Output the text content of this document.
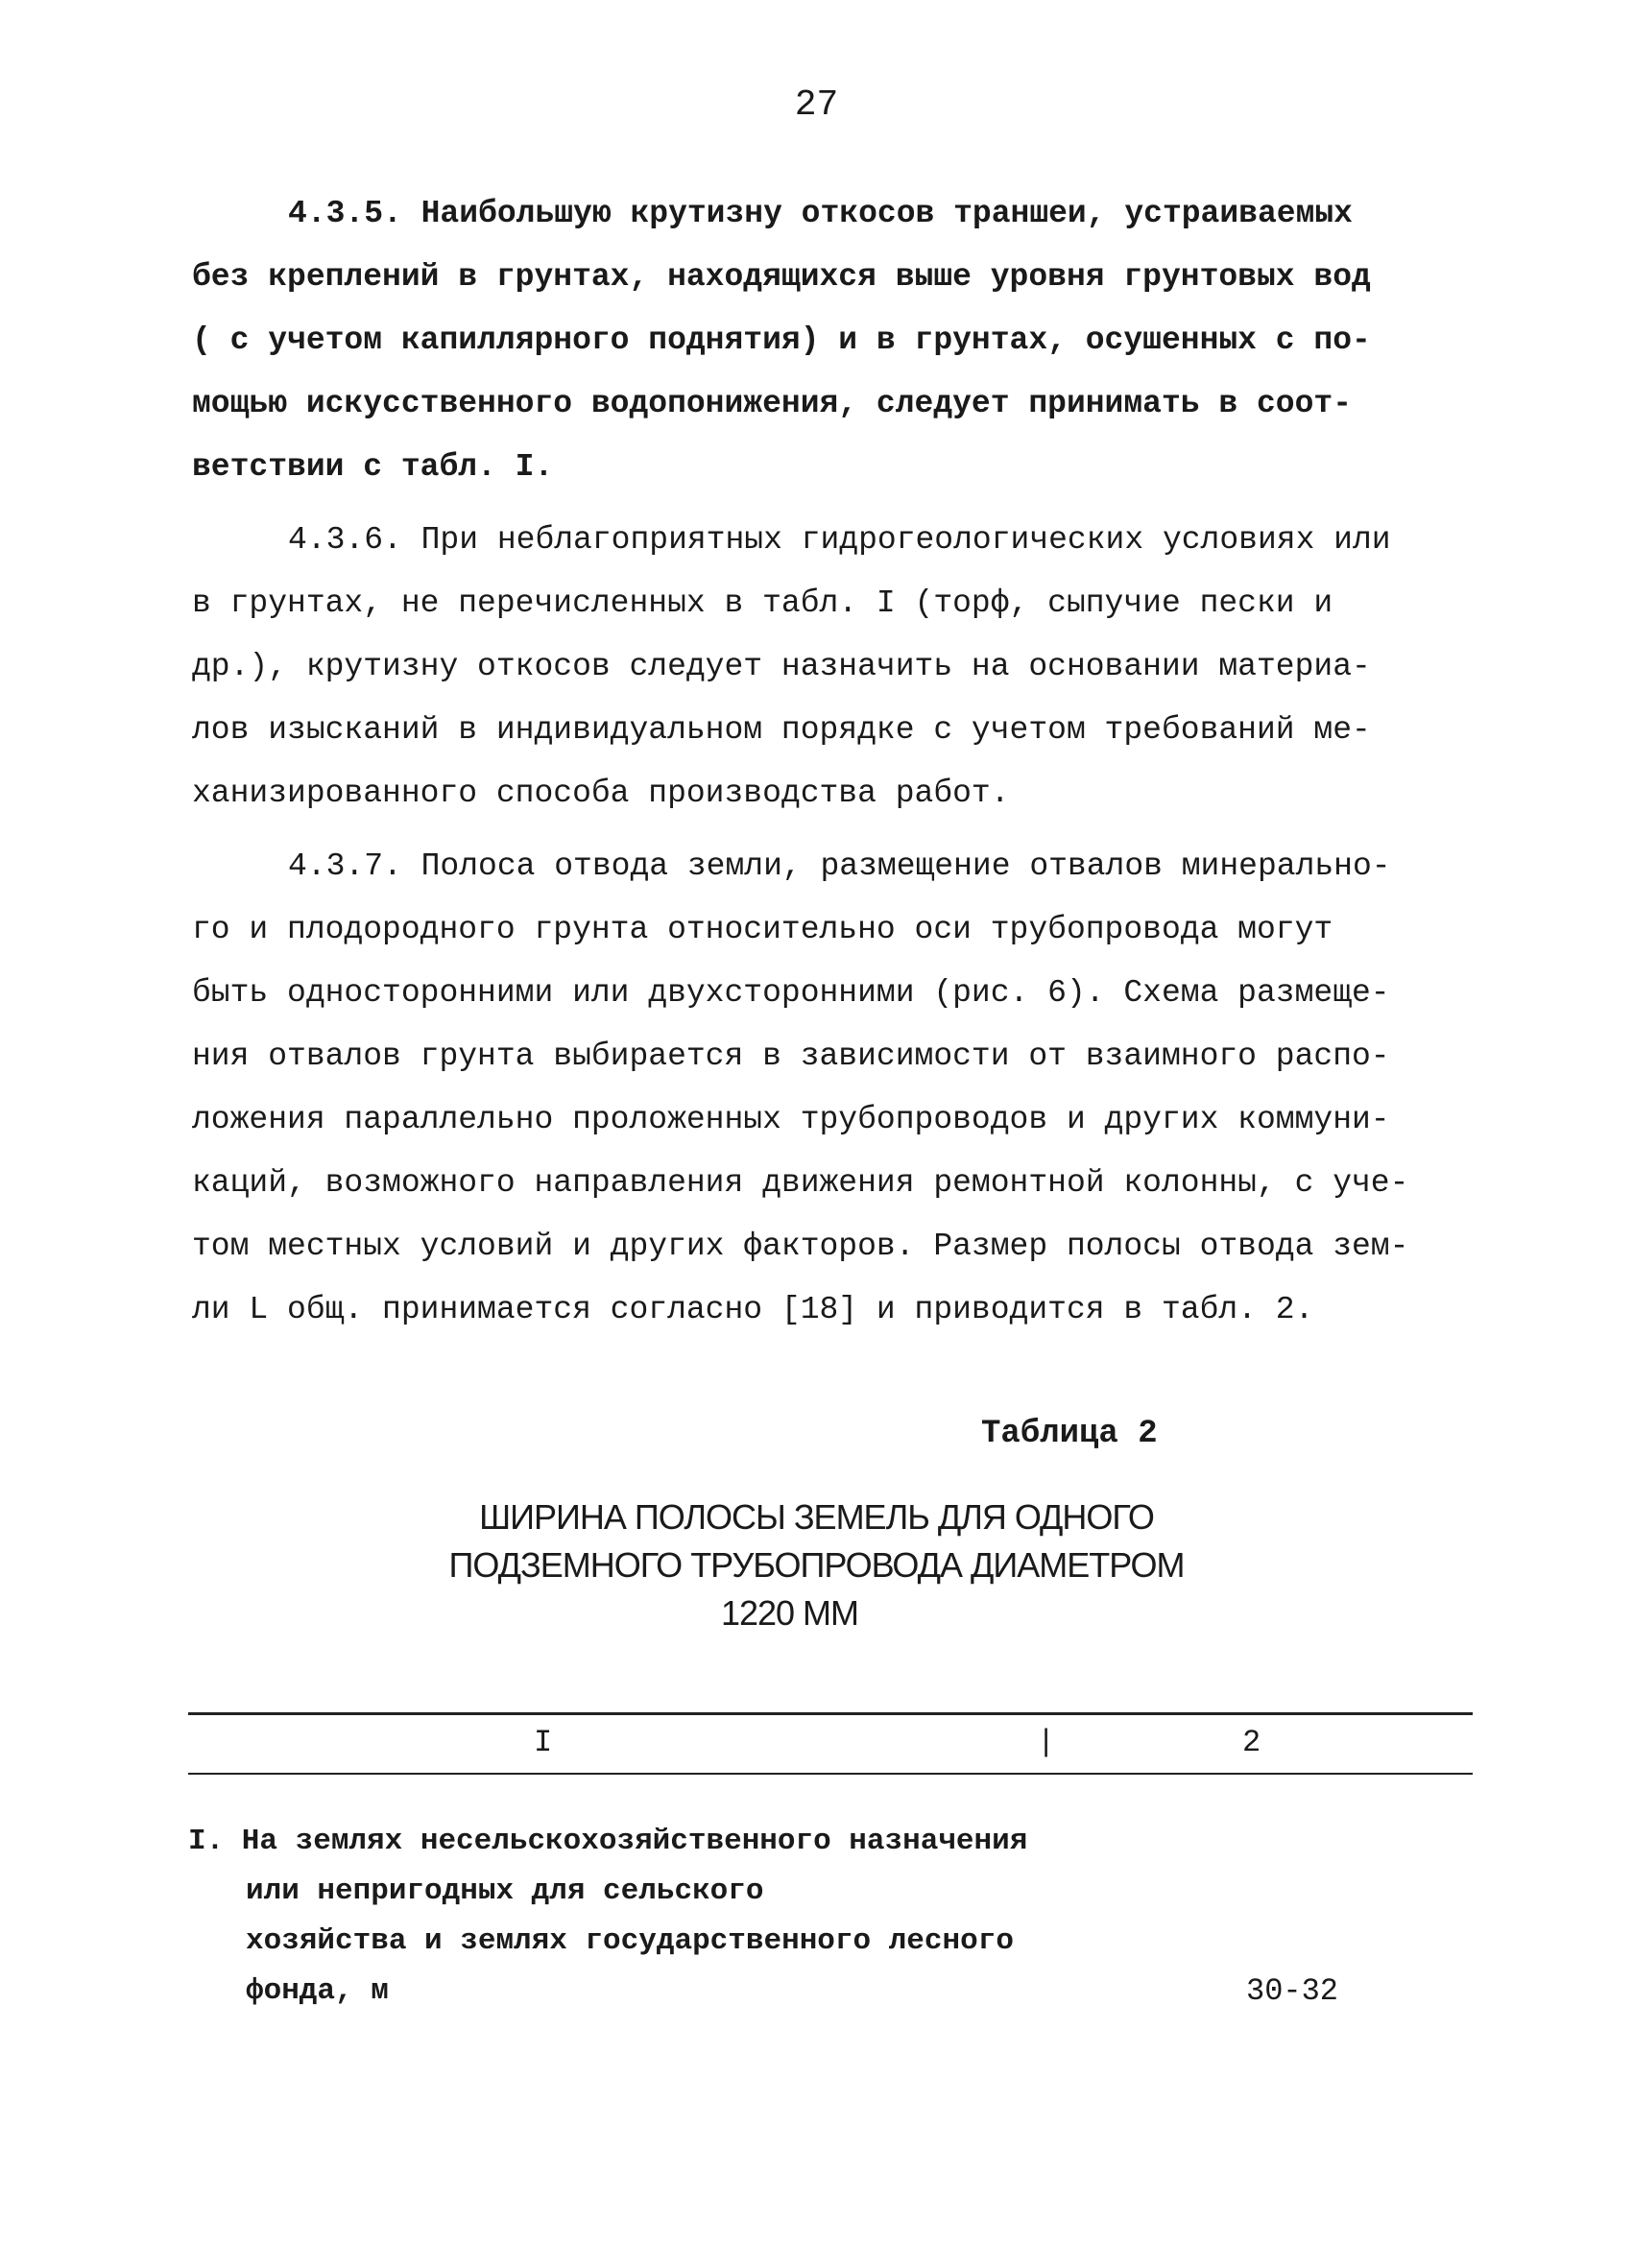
27
4.3.5. Наибольшую крутизну откосов траншеи, устраиваемых
без креплений в грунтах, находящихся выше уровня грунтовых вод
( с учетом капиллярного поднятия) и в грунтах, осушенных с по-
мощью искусственного водопонижения, следует принимать в соот-
ветствии с табл. I.
4.3.6. При неблагоприятных гидрогеологических условиях или
в грунтах, не перечисленных в табл. I (торф, сыпучие пески и
др.), крутизну откосов следует назначить на основании материа-
лов изысканий в индивидуальном порядке с учетом требований ме-
ханизированного способа производства работ.
4.3.7. Полоса отвода земли, размещение отвалов минерально-
го и плодородного грунта относительно оси трубопровода могут
быть односторонними или двухсторонними (рис. 6). Схема размеще-
ния отвалов грунта выбирается в зависимости от взаимного распо-
ложения параллельно проложенных трубопроводов и других коммуни-
каций, возможного направления движения ремонтной колонны, с уче-
том местных условий и других факторов. Размер полосы отвода зем-
ли L общ. принимается согласно [18] и приводится в табл. 2.
Таблица 2
ШИРИНА ПОЛОСЫ ЗЕМЕЛЬ ДЛЯ ОДНОГО
ПОДЗЕМНОГО ТРУБОПРОВОДА ДИАМЕТРОМ
1220 ММ
I	|	2
I. На землях несельскохозяйственного назначения
или непригодных для сельского
хозяйства и землях государственного лесного
фонда, м	30-32
